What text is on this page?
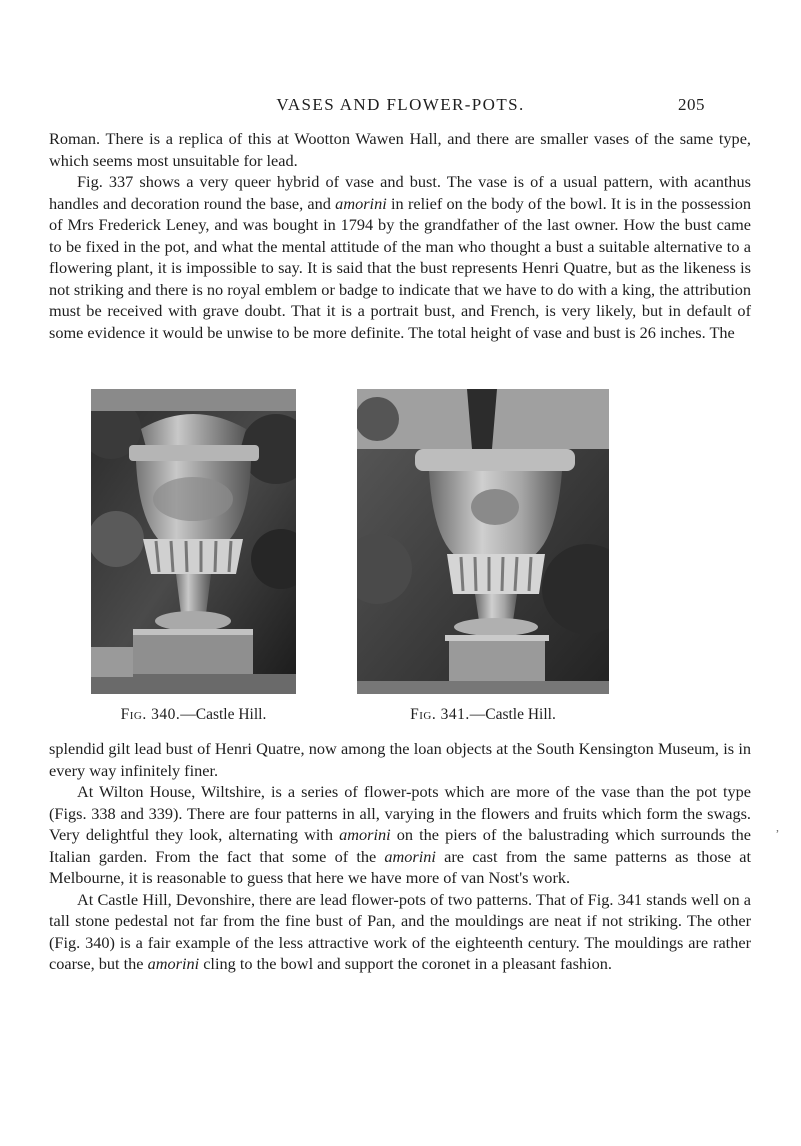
VASES AND FLOWER-POTS.	205

Roman. There is a replica of this at Wootton Wawen Hall, and there are smaller vases of the same type, which seems most unsuitable for lead.

Fig. 337 shows a very queer hybrid of vase and bust. The vase is of a usual pattern, with acanthus handles and decoration round the base, and amorini in relief on the body of the bowl. It is in the possession of Mrs Frederick Leney, and was bought in 1794 by the grandfather of the last owner. How the bust came to be fixed in the pot, and what the mental attitude of the man who thought a bust a suitable alternative to a flowering plant, it is impossible to say. It is said that the bust represents Henri Quatre, but as the likeness is not striking and there is no royal emblem or badge to indicate that we have to do with a king, the attribution must be received with grave doubt. That it is a portrait bust, and French, is very likely, but in default of some evidence it would be unwise to be more definite. The total height of vase and bust is 26 inches. The

Fig. 340.—Castle Hill.	Fig. 341.—Castle Hill.

splendid gilt lead bust of Henri Quatre, now among the loan objects at the South Kensington Museum, is in every way infinitely finer.

At Wilton House, Wiltshire, is a series of flower-pots which are more of the vase than the pot type (Figs. 338 and 339). There are four patterns in all, varying in the flowers and fruits which form the swags. Very delightful they look, alternating with amorini on the piers of the balustrading which surrounds the Italian garden. From the fact that some of the amorini are cast from the same patterns as those at Melbourne, it is reasonable to guess that here we have more of van Nost's work.

At Castle Hill, Devonshire, there are lead flower-pots of two patterns. That of Fig. 341 stands well on a tall stone pedestal not far from the fine bust of Pan, and the mouldings are neat if not striking. The other (Fig. 340) is a fair example of the less attractive work of the eighteenth century. The mouldings are rather coarse, but the amorini cling to the bowl and support the coronet in a pleasant fashion.

,
